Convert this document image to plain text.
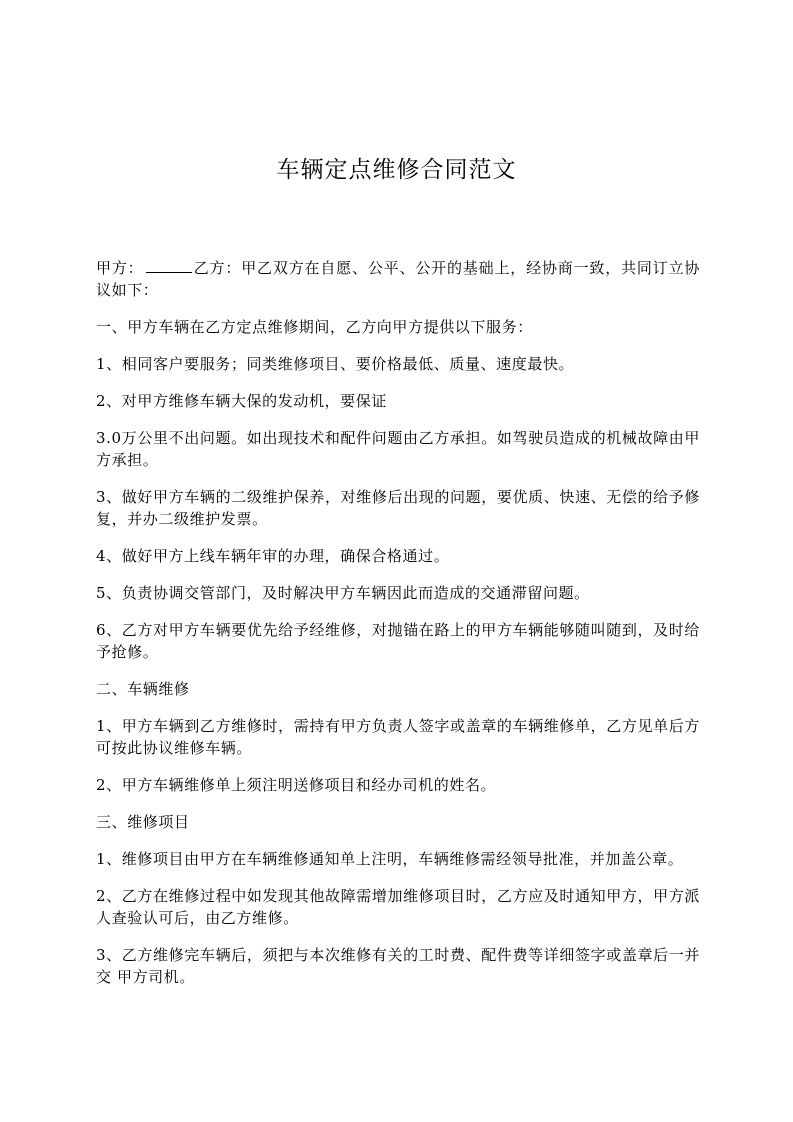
车辆定点维修合同范文

甲方：	乙方：甲乙双方在自愿、公平、公开的基础上，经协商一致，共同订立协议如下：

一、甲方车辆在乙方定点维修期间，乙方向甲方提供以下服务：

1、相同客户要服务；同类维修项目、要价格最低、质量、速度最快。

2、对甲方维修车辆大保的发动机，要保证

3.0万公里不出问题。如出现技术和配件问题由乙方承担。如驾驶员造成的机械故障由甲方承担。

3、做好甲方车辆的二级维护保养，对维修后出现的问题，要优质、快速、无偿的给予修复，并办二级维护发票。

4、做好甲方上线车辆年审的办理，确保合格通过。

5、负责协调交管部门，及时解决甲方车辆因此而造成的交通滞留问题。

6、乙方对甲方车辆要优先给予经维修，对抛锚在路上的甲方车辆能够随叫随到，及时给予抢修。

二、车辆维修

1、甲方车辆到乙方维修时，需持有甲方负责人签字或盖章的车辆维修单，乙方见单后方可按此协议维修车辆。

2、甲方车辆维修单上须注明送修项目和经办司机的姓名。

三、维修项目

1、维修项目由甲方在车辆维修通知单上注明，车辆维修需经领导批准，并加盖公章。

2、乙方在维修过程中如发现其他故障需增加维修项目时，乙方应及时通知甲方，甲方派人查验认可后，由乙方维修。

3、乙方维修完车辆后，须把与本次维修有关的工时费、配件费等详细签字或盖章后一并交 甲方司机。
